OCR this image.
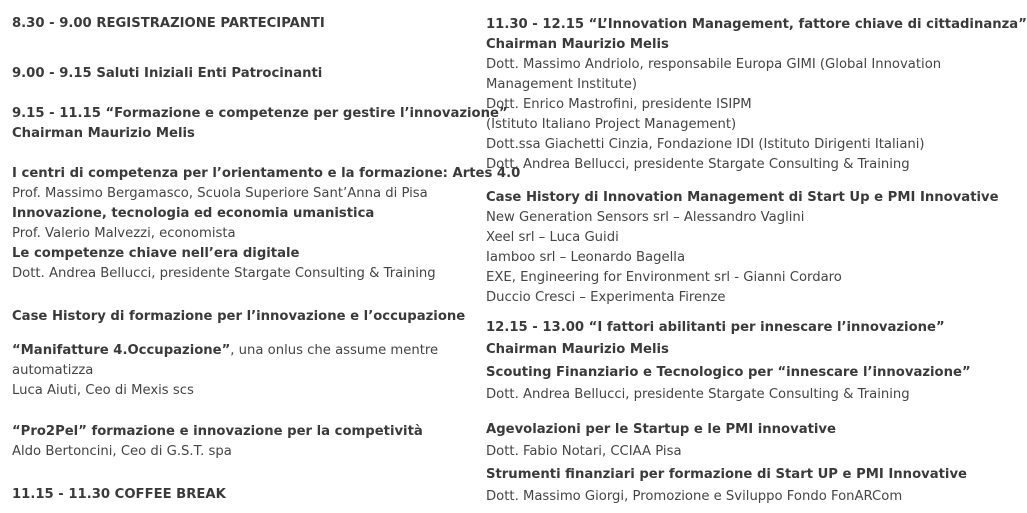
8.30 - 9.00 REGISTRAZIONE PARTECIPANTI
9.00 - 9.15 Saluti Iniziali Enti Patrocinanti
9.15 - 11.15 “Formazione e competenze per gestire l’innovazione”
Chairman Maurizio Melis
I centri di competenza per l’orientamento e la formazione: Artes 4.0
Prof. Massimo Bergamasco, Scuola Superiore Sant’Anna di Pisa
Innovazione, tecnologia ed economia umanistica
Prof. Valerio Malvezzi, economista
Le competenze chiave nell’era digitale
Dott. Andrea Bellucci, presidente Stargate Consulting & Training
Case History di formazione per l’innovazione e l’occupazione
“Manifatture 4.Occupazione”, una onlus che assume mentre
automatizza
Luca Aiuti, Ceo di Mexis scs
“Pro2Pel” formazione e innovazione per la competività
Aldo Bertoncini, Ceo di G.S.T. spa
11.15 - 11.30 COFFEE BREAK
11.30 - 12.15 “L’Innovation Management, fattore chiave di cittadinanza”
Chairman Maurizio Melis
Dott. Massimo Andriolo, responsabile Europa GIMI (Global Innovation
Management Institute)
Dott. Enrico Mastrofini, presidente ISIPM
(Istituto Italiano Project Management)
Dott.ssa Giachetti Cinzia, Fondazione IDI (Istituto Dirigenti Italiani)
Dott. Andrea Bellucci, presidente Stargate Consulting & Training
Case History di Innovation Management di Start Up e PMI Innovative
New Generation Sensors srl – Alessandro Vaglini
Xeel srl – Luca Guidi
Iamboo srl – Leonardo Bagella
EXE, Engineering for Environment srl - Gianni Cordaro
Duccio Cresci – Experimenta Firenze
12.15 - 13.00 “I fattori abilitanti per innescare l’innovazione”
Chairman Maurizio Melis
Scouting Finanziario e Tecnologico per “innescare l’innovazione”
Dott. Andrea Bellucci, presidente Stargate Consulting & Training
Agevolazioni per le Startup e le PMI innovative
Dott. Fabio Notari, CCIAA Pisa
Strumenti finanziari per formazione di Start UP e PMI Innovative
Dott. Massimo Giorgi, Promozione e Sviluppo Fondo FonARCom
